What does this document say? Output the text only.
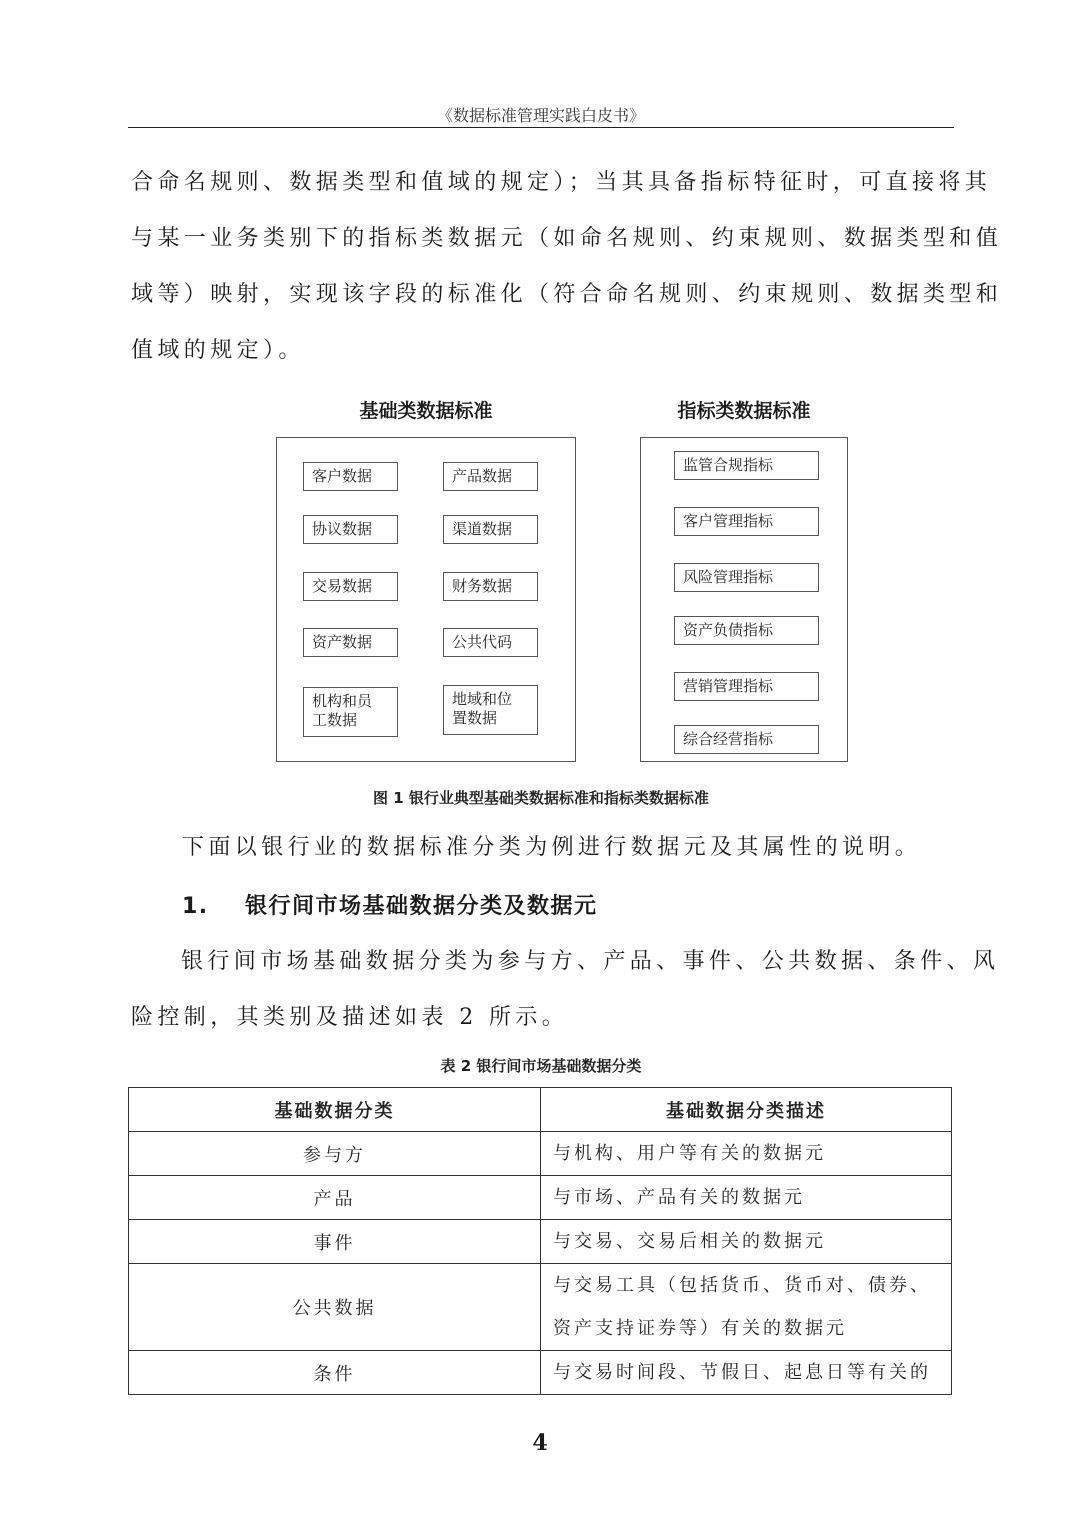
《数据标准管理实践白皮书》
合命名规则、数据类型和值域的规定）；当其具备指标特征时，可直接将其
与某一业务类别下的指标类数据元（如命名规则、约束规则、数据类型和值
域等）映射，实现该字段的标准化（符合命名规则、约束规则、数据类型和
值域的规定）。
基础类数据标准	指标类数据标准
客户数据	产品数据
协议数据	渠道数据
交易数据	财务数据
资产数据	公共代码
机构和员
工数据
地域和位
置数据
监管合规指标
客户管理指标
风险管理指标
资产负债指标
营销管理指标
综合经营指标
图 1 银行业典型基础类数据标准和指标类数据标准
下面以银行业的数据标准分类为例进行数据元及其属性的说明。
1. 银行间市场基础数据分类及数据元
银行间市场基础数据分类为参与方、产品、事件、公共数据、条件、风
险控制，其类别及描述如表 2 所示。
表 2 银行间市场基础数据分类
基础数据分类	基础数据分类描述
参与方	与机构、用户等有关的数据元
产品	与市场、产品有关的数据元
事件	与交易、交易后相关的数据元
公共数据	与交易工具（包括货币、货币对、债券、
资产支持证券等）有关的数据元
条件	与交易时间段、节假日、起息日等有关的
4
